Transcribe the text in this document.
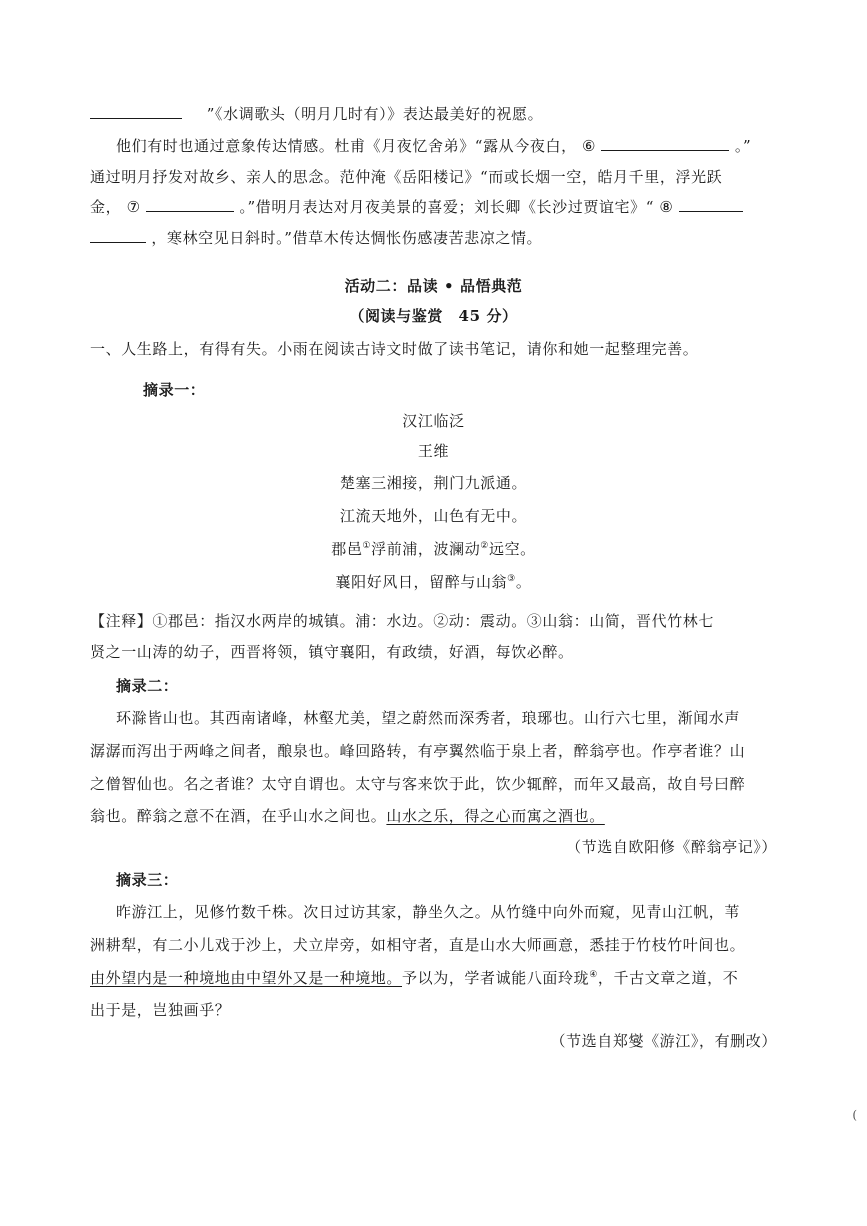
”《水调歌头（明月几时有）》表达最美好的祝愿。
他们有时也通过意象传达情感。杜甫《月夜忆舍弟》“露从今夜白， ⑥	。”
通过明月抒发对故乡、亲人的思念。范仲淹《岳阳楼记》“而或长烟一空，皓月千里，浮光跃
金， ⑦	。”借明月表达对月夜美景的喜爱；刘长卿《长沙过贾谊宅》“ ⑧
，寒林空见日斜时。”借草木传达惆怅伤感凄苦悲凉之情。
活动二：品读 • 品悟典范
（阅读与鉴赏　45 分）
一、人生路上，有得有失。小雨在阅读古诗文时做了读书笔记，请你和她一起整理完善。
摘录一：
汉江临泛
王维
楚塞三湘接，荆门九派通。
江流天地外，山色有无中。
郡邑①浮前浦，波澜动②远空。
襄阳好风日，留醉与山翁③。
【注释】①郡邑：指汉水两岸的城镇。浦：水边。②动：震动。③山翁：山简，晋代竹林七
贤之一山涛的幼子，西晋将领，镇守襄阳，有政绩，好酒，每饮必醉。
摘录二：
环滁皆山也。其西南诸峰，林壑尤美，望之蔚然而深秀者，琅琊也。山行六七里，渐闻水声
潺潺而泻出于两峰之间者，酿泉也。峰回路转，有亭翼然临于泉上者，醉翁亭也。作亭者谁？山
之僧智仙也。名之者谁？太守自谓也。太守与客来饮于此，饮少辄醉，而年又最高，故自号曰醉
翁也。醉翁之意不在酒，在乎山水之间也。山水之乐，得之心而寓之酒也。
（节选自欧阳修《醉翁亭记》）
摘录三：
昨游江上，见修竹数千株。次日过访其家，静坐久之。从竹缝中向外而窥，见青山江帆，苇
洲耕犁，有二小儿戏于沙上，犬立岸旁，如相守者，直是山水大师画意，悉挂于竹枝竹叶间也。
由外望内是一种境地由中望外又是一种境地。予以为，学者诚能八面玲珑④，千古文章之道，不
出于是，岂独画乎？
（节选自郑燮《游江》，有删改）
(
